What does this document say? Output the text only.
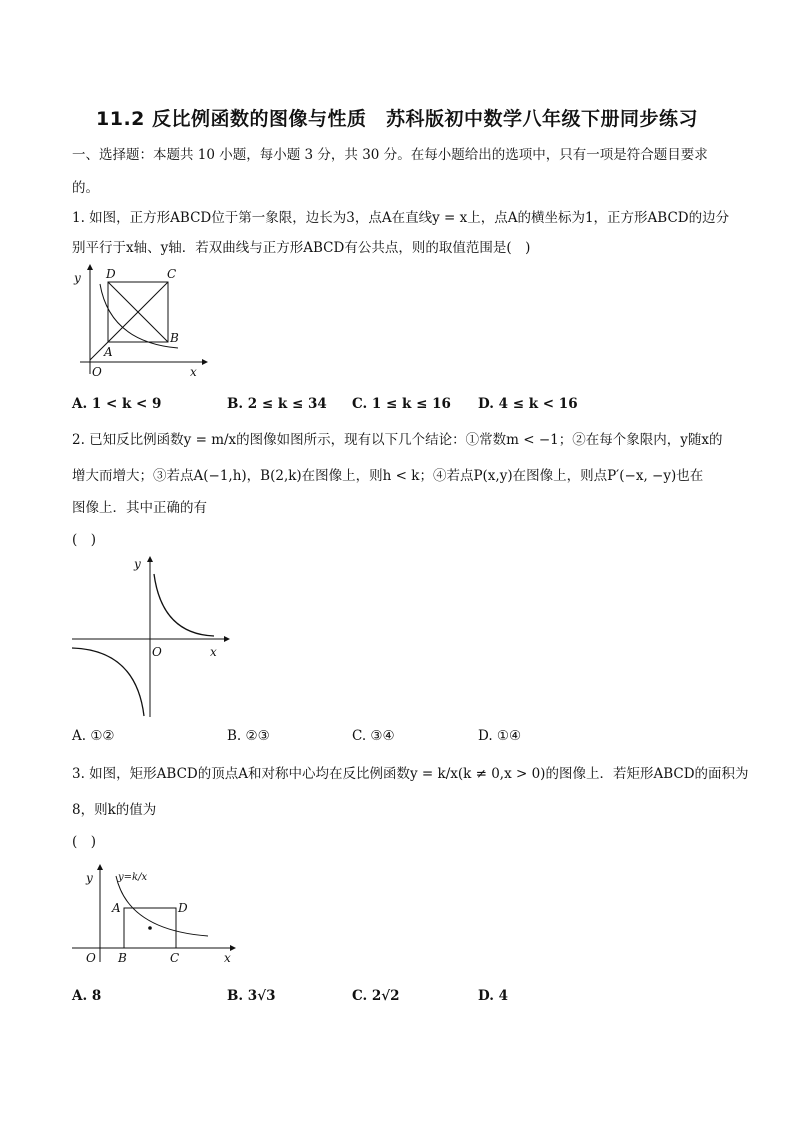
11.2 反比例函数的图像与性质　苏科版初中数学八年级下册同步练习
一、选择题：本题共 10 小题，每小题 3 分，共 30 分。在每小题给出的选项中，只有一项是符合题目要求
的。
1. 如图，正方形ABCD位于第一象限，边长为3，点A在直线y = x上，点A的横坐标为1，正方形ABCD的边分
别平行于x轴、y轴．若双曲线与正方形ABCD有公共点，则的取值范围是(　)
y
x
O
A
B
C
D
A. 1 < k < 9	B. 2 ≤ k ≤ 34 C. 1 ≤ k ≤ 16 D. 4 ≤ k < 16
2. 已知反比例函数y = m/x的图像如图所示，现有以下几个结论：①常数m < −1；②在每个象限内，y随x的
增大而增大；③若点A(−1,h)，B(2,k)在图像上，则h < k；④若点P(x,y)在图像上，则点P′(−x, −y)也在
图像上．其中正确的有
(　)
y
x
O
A. ①②	B. ②③	C. ③④	D. ①④
3. 如图，矩形ABCD的顶点A和对称中心均在反比例函数y = k/x(k ≠ 0,x > 0)的图像上．若矩形ABCD的面积为
8，则k的值为
(　)
y
x
O
A
B	C
D
y=k/x
A. 8	B. 3√3	C. 2√2	D. 4
